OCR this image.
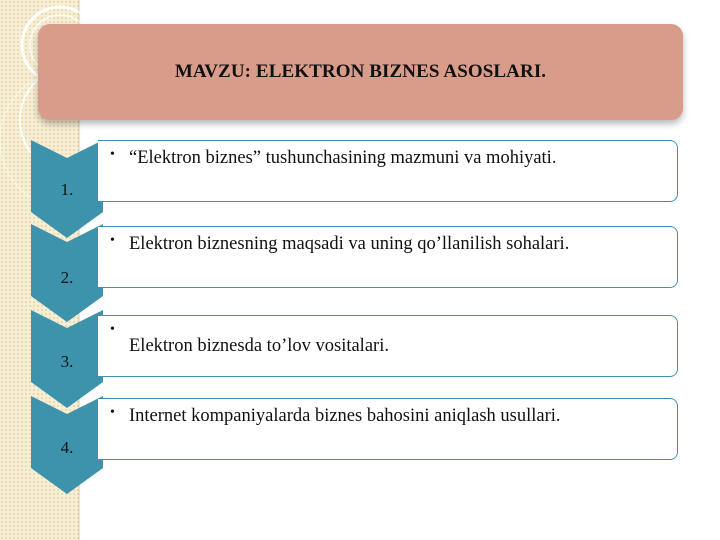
MAVZU: ELEKTRON BIZNES ASOSLARI.
1.
• “Elektron biznes” tushunchasining mazmuni va mohiyati.
2.
• Elektron biznesning maqsadi va uning qo’llanilish sohalari.
3.
•
Elektron biznesda to’lov vositalari.
4.
• Internet kompaniyalarda biznes bahosini aniqlash usullari.
